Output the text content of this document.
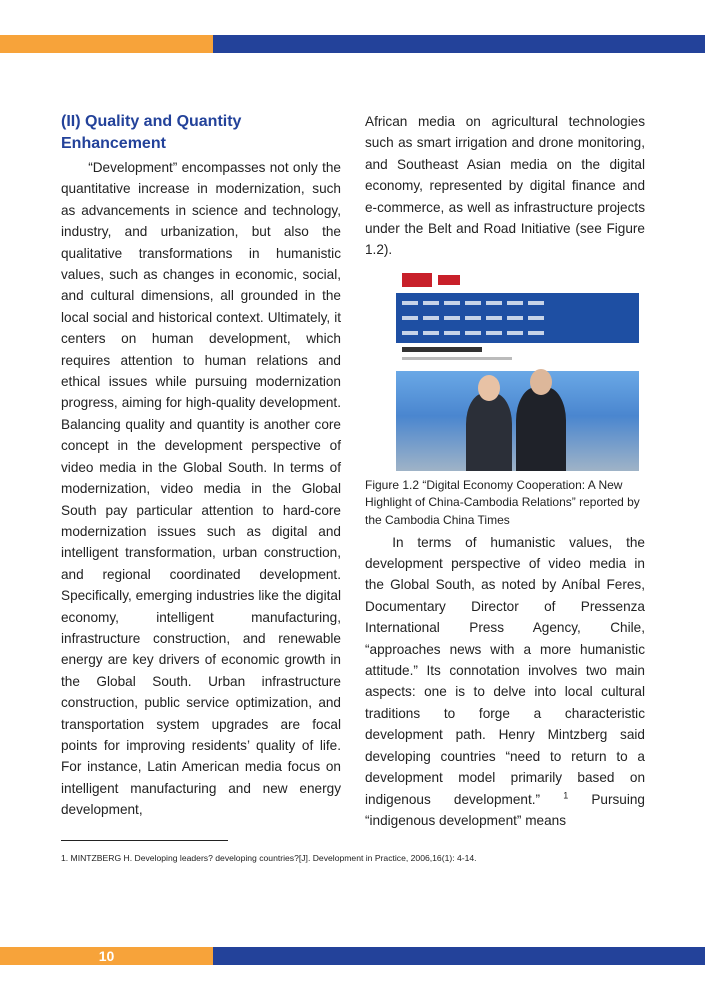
(II) Quality and Quantity Enhancement

“Development” encompasses not only the quantitative increase in modernization, such as advancements in science and technology, industry, and urbanization, but also the qualitative transformations in humanistic values, such as changes in economic, social, and cultural dimensions, all grounded in the local social and historical context. Ultimately, it centers on human development, which requires attention to human relations and ethical issues while pursuing modernization progress, aiming for high-quality development. Balancing quality and quantity is another core concept in the development perspective of video media in the Global South. In terms of modernization, video media in the Global South pay particular attention to hard-core modernization issues such as digital and intelligent transformation, urban construction, and regional coordinated development. Specifically, emerging industries like the digital economy, intelligent manufacturing, infrastructure construction, and renewable energy are key drivers of economic growth in the Global South. Urban infrastructure construction, public service optimization, and transportation system upgrades are focal points for improving residents’ quality of life. For instance, Latin American media focus on intelligent manufacturing and new energy development,

African media on agricultural technologies such as smart irrigation and drone monitoring, and Southeast Asian media on the digital economy, represented by digital finance and e-commerce, as well as infrastructure projects under the Belt and Road Initiative (see Figure 1.2).

Figure 1.2 “Digital Economy Cooperation: A New Highlight of China-Cambodia Relations” reported by the Cambodia China Times

In terms of humanistic values, the development perspective of video media in the Global South, as noted by Aníbal Feres, Documentary Director of Pressenza International Press Agency, Chile, “approaches news with a more humanistic attitude.” Its connotation involves two main aspects: one is to delve into local cultural traditions to forge a characteristic development path. Henry Mintzberg said developing countries “need to return to a development model primarily based on indigenous development.”	$^1$ Pursuing “indigenous development” means

1. MINTZBERG H. Developing leaders? developing countries?[J]. Development in Practice, 2006,16(1): 4-14.
10
